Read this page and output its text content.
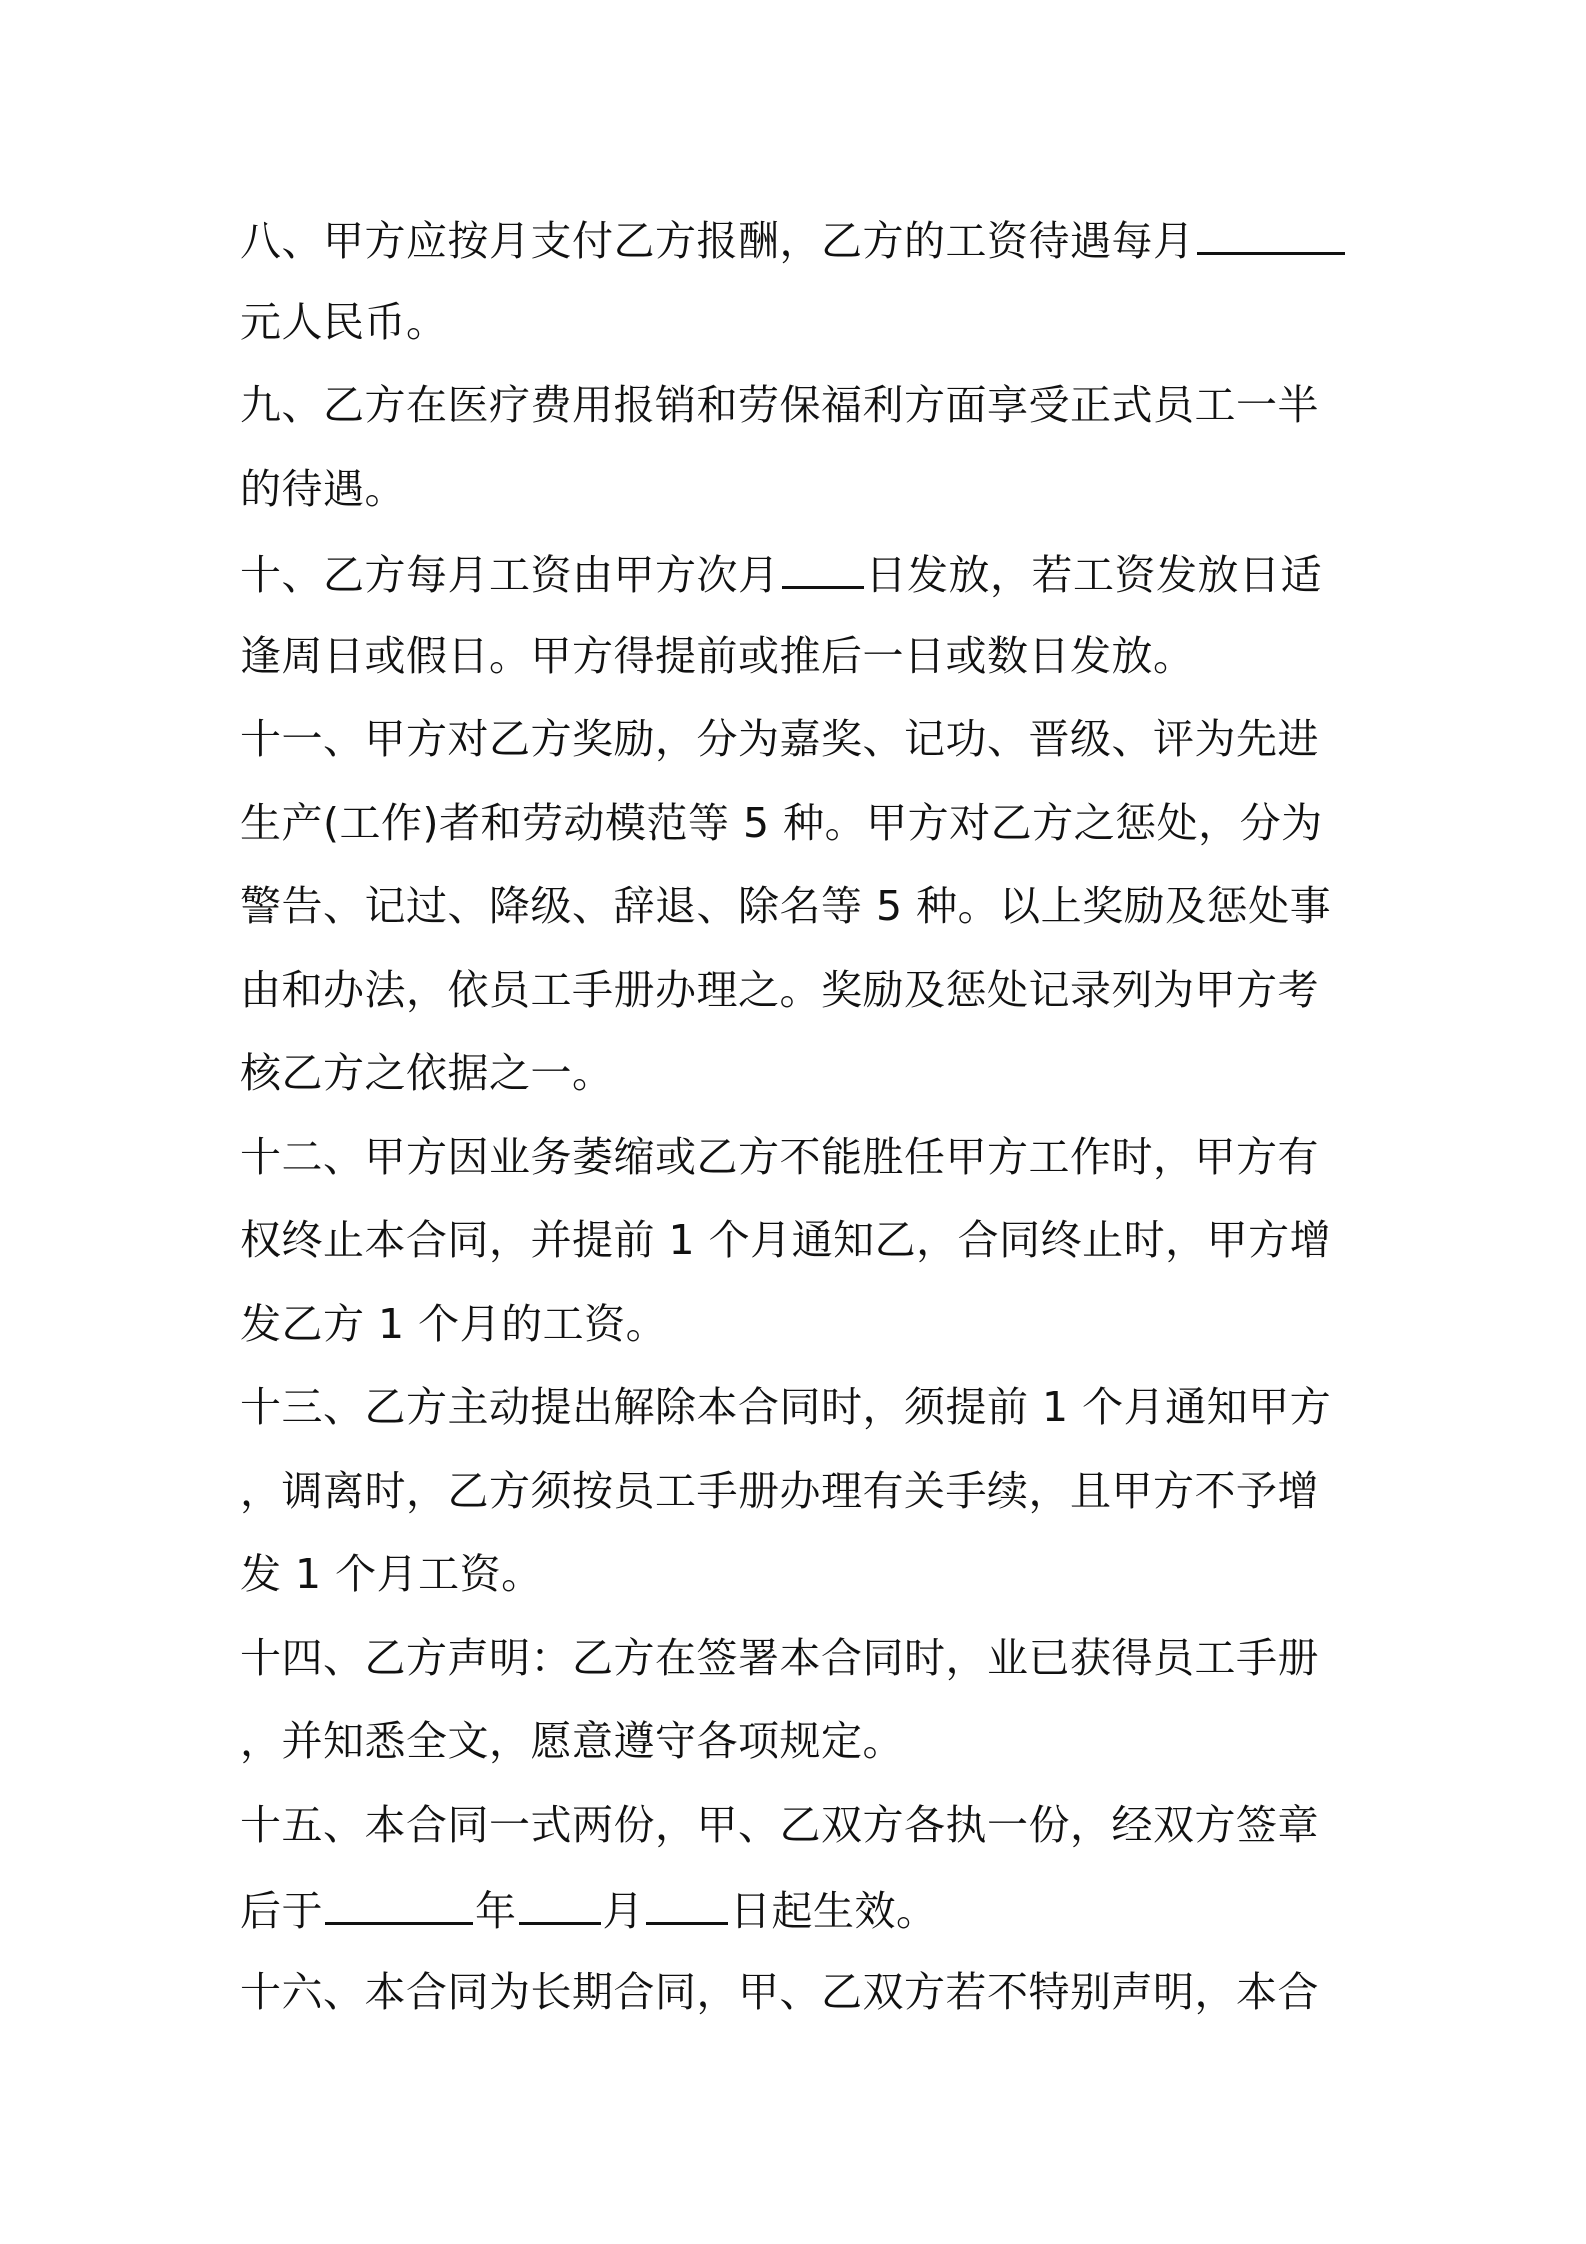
八、甲方应按月支付乙方报酬，乙方的工资待遇每月
元人民币。
九、乙方在医疗费用报销和劳保福利方面享受正式员工一半
的待遇。
十、乙方每月工资由甲方次月 日发放，若工资发放日适
逢周日或假日。甲方得提前或推后一日或数日发放。
十一、甲方对乙方奖励，分为嘉奖、记功、晋级、评为先进
生产(工作)者和劳动模范等 5 种。甲方对乙方之惩处，分为
警告、记过、降级、辞退、除名等 5 种。以上奖励及惩处事
由和办法，依员工手册办理之。奖励及惩处记录列为甲方考
核乙方之依据之一。
十二、甲方因业务萎缩或乙方不能胜任甲方工作时，甲方有
权终止本合同，并提前 1 个月通知乙，合同终止时，甲方增
发乙方 1 个月的工资。
十三、乙方主动提出解除本合同时，须提前 1 个月通知甲方
，调离时，乙方须按员工手册办理有关手续，且甲方不予增
发 1 个月工资。
十四、乙方声明：乙方在签署本合同时，业已获得员工手册
，并知悉全文，愿意遵守各项规定。
十五、本合同一式两份，甲、乙双方各执一份，经双方签章
后于	年 月 日起生效。
十六、本合同为长期合同，甲、乙双方若不特别声明，本合
